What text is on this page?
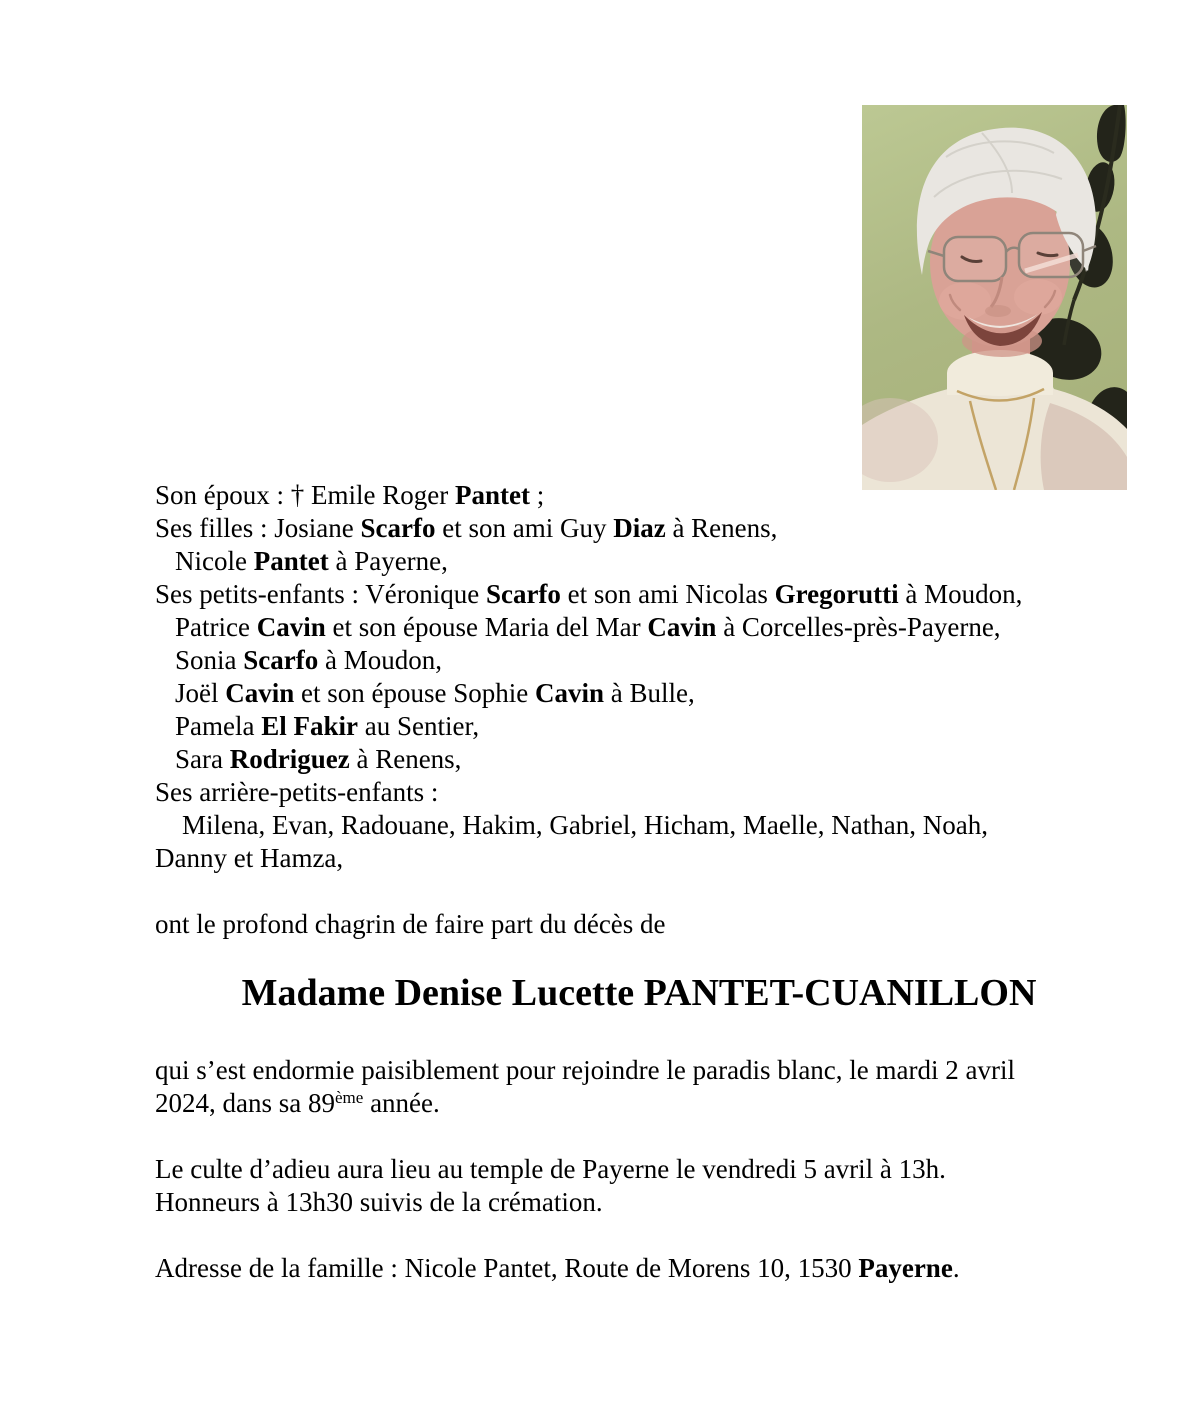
Son époux : † Emile Roger Pantet ;
Ses filles : Josiane Scarfo et son ami Guy Diaz à Renens,
Nicole Pantet à Payerne,
Ses petits-enfants : Véronique Scarfo et son ami Nicolas Gregorutti à Moudon,
Patrice Cavin et son épouse Maria del Mar Cavin à Corcelles-près-Payerne,
Sonia Scarfo à Moudon,
Joël Cavin et son épouse Sophie Cavin à Bulle,
Pamela El Fakir au Sentier,
Sara Rodriguez à Renens,
Ses arrière-petits-enfants :
Milena, Evan, Radouane, Hakim, Gabriel, Hicham, Maelle, Nathan, Noah,
Danny et Hamza,
ont le profond chagrin de faire part du décès de
Madame Denise Lucette PANTET-CUANILLON
qui s’est endormie paisiblement pour rejoindre le paradis blanc, le mardi 2 avril
2024, dans sa 89ème année.
Le culte d’adieu aura lieu au temple de Payerne le vendredi 5 avril à 13h.
Honneurs à 13h30 suivis de la crémation.
Adresse de la famille : Nicole Pantet, Route de Morens 10, 1530 Payerne.
